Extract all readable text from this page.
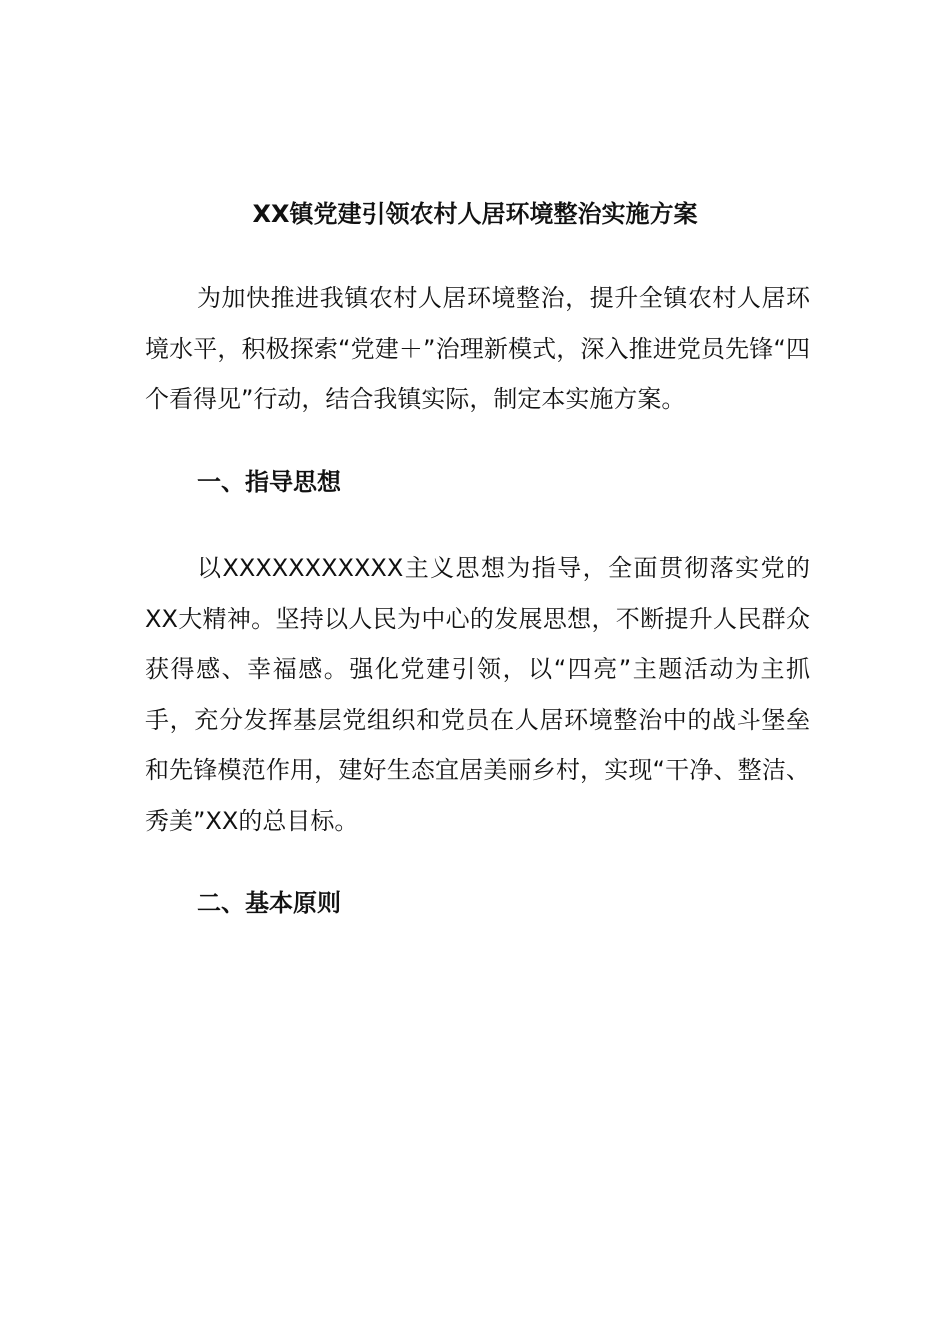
XX镇党建引领农村人居环境整治实施方案

为加快推进我镇农村人居环境整治，提升全镇农村人居环境水平，积极探索“党建＋”治理新模式，深入推进党员先锋“四个看得见”行动，结合我镇实际，制定本实施方案。

一、指导思想

以XXXXXXXXXXX主义思想为指导，全面贯彻落实党的XX大精神。坚持以人民为中心的发展思想，不断提升人民群众获得感、幸福感。强化党建引领，以“四亮”主题活动为主抓手，充分发挥基层党组织和党员在人居环境整治中的战斗堡垒和先锋模范作用，建好生态宜居美丽乡村，实现“干净、整洁、秀美”XX的总目标。

二、基本原则
